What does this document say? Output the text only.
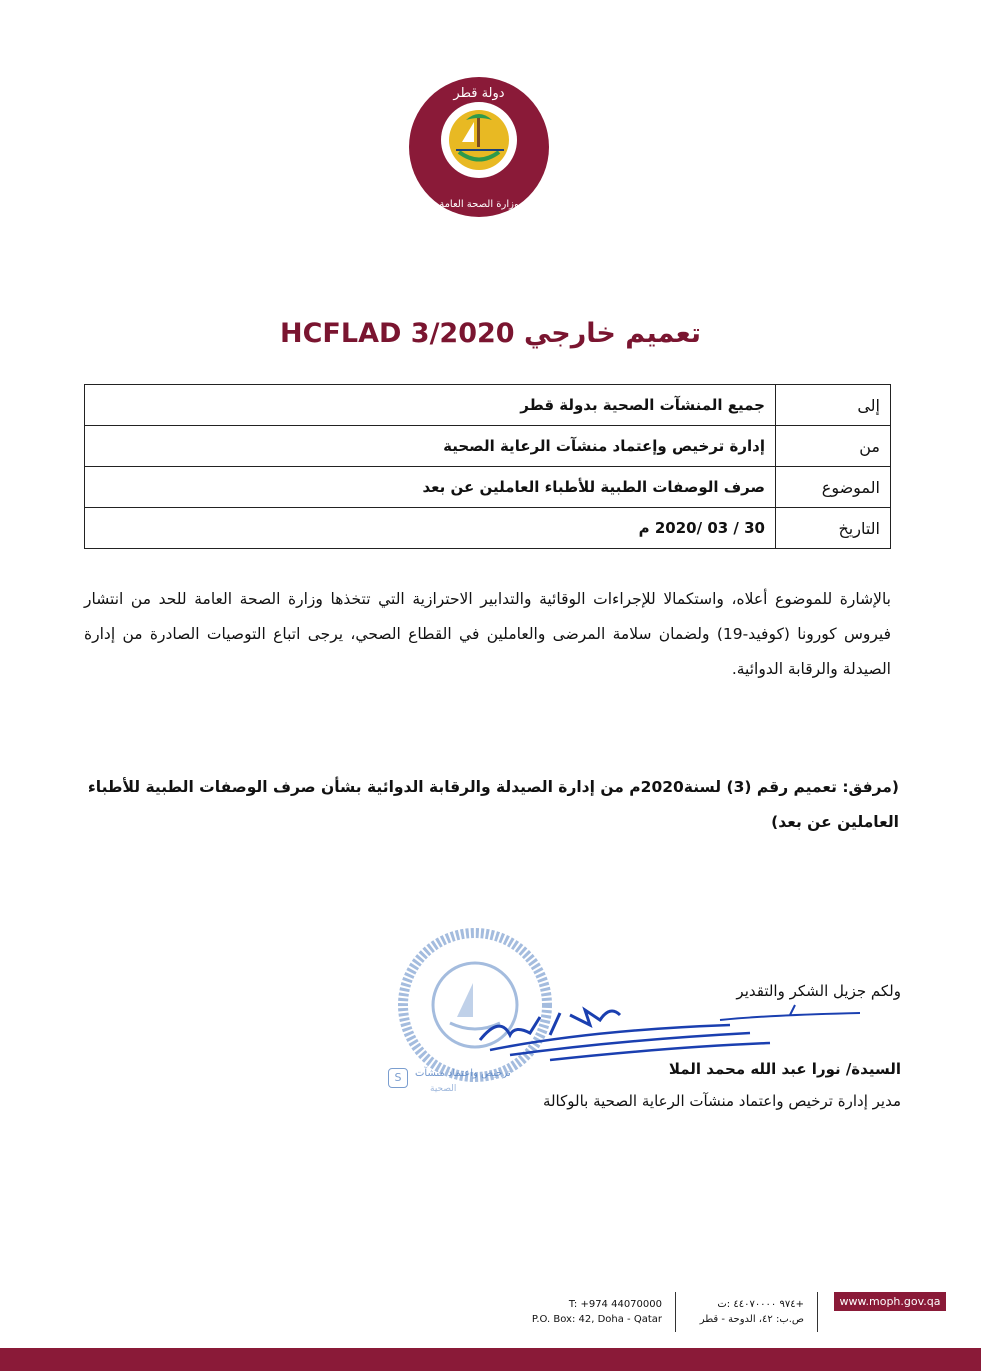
دولة قطر
وزارة الصحة العامة
تعميم خارجي HCFLAD 3/2020
إلى	جميع المنشآت الصحية بدولة قطر
من	إدارة ترخيص وإعتماد منشآت الرعاية الصحية
الموضوع	صرف الوصفات الطبية للأطباء العاملين عن بعد
التاريخ	30 / 03 /2020 م
بالإشارة للموضوع أعلاه، واستكمالا للإجراءات الوقائية والتدابير الاحترازية التي تتخذها وزارة الصحة العامة للحد من انتشار فيروس كورونا (كوفيد-19) ولضمان سلامة المرضى والعاملين في القطاع الصحي، يرجى اتباع التوصيات الصادرة من إدارة الصيدلة والرقابة الدوائية.
(مرفق: تعميم رقم (3) لسنة2020م من إدارة الصيدلة والرقابة الدوائية بشأن صرف الوصفات الطبية للأطباء العاملين عن بعد)
S	ترخيص واعتماد منشآت
الصحية
ولكم جزيل الشكر والتقدير
السيدة/ نورا عبد الله محمد الملا
مدير إدارة ترخيص واعتماد منشآت الرعاية الصحية بالوكالة
T: +974 44070000
P.O. Box: 42, Doha - Qatar
+٩٧٤ ٤٤٠٧٠٠٠٠ :ت
ص.ب: ٤٢، الدوحة - قطر
www.moph.gov.qa
